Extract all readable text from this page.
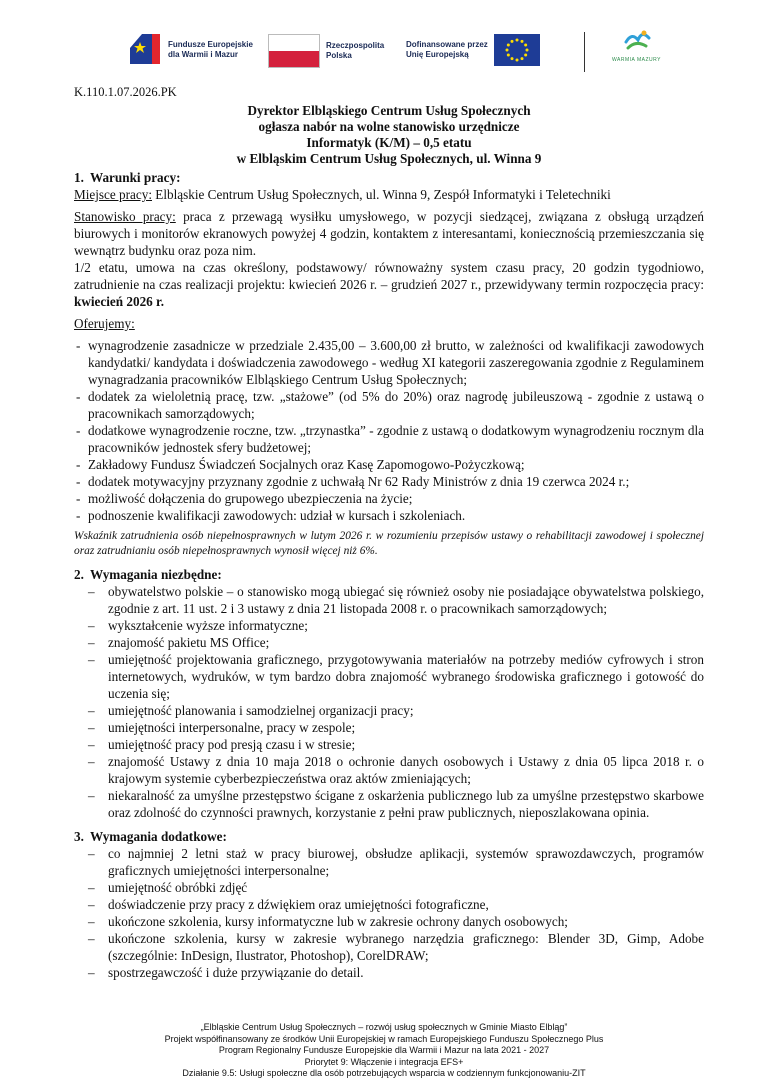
Fundusze Europejskie
dla Warmii i Mazur
Rzeczpospolita
Polska
Dofinansowane przez
Unię Europejską
WARMIA MAZURY
K.110.1.07.2026.PK
Dyrektor Elbląskiego Centrum Usług Społecznych
ogłasza nabór na wolne stanowisko urzędnicze
Informatyk (K/M) – 0,5 etatu
w Elbląskim Centrum Usług Społecznych, ul. Winna 9
1. Warunki pracy:

Miejsce pracy: Elbląskie Centrum Usług Społecznych, ul. Winna 9, Zespół Informatyki i Teletechniki

Stanowisko pracy: praca z przewagą wysiłku umysłowego, w pozycji siedzącej, związana z obsługą urządzeń biurowych i monitorów ekranowych powyżej 4 godzin, kontaktem z interesantami, koniecznością przemieszczania się wewnątrz budynku oraz poza nim.

1/2 etatu, umowa na czas określony, podstawowy/ równoważny system czasu pracy, 20 godzin tygodniowo, zatrudnienie na czas realizacji projektu: kwiecień 2026 r. – grudzień 2027 r., przewidywany termin rozpoczęcia pracy: kwiecień 2026 r.

Oferujemy:

- wynagrodzenie zasadnicze w przedziale 2.435,00 – 3.600,00 zł brutto, w zależności od kwalifikacji zawodowych kandydatki/ kandydata i doświadczenia zawodowego - według XI kategorii zaszeregowania zgodnie z Regulaminem wynagradzania pracowników Elbląskiego Centrum Usług Społecznych;
- dodatek za wieloletnią pracę, tzw. „stażowe” (od 5% do 20%) oraz nagrodę jubileuszową - zgodnie z ustawą o pracownikach samorządowych;
- dodatkowe wynagrodzenie roczne, tzw. „trzynastka” - zgodnie z ustawą o dodatkowym wynagrodzeniu rocznym dla pracowników jednostek sfery budżetowej;
- Zakładowy Fundusz Świadczeń Socjalnych oraz Kasę Zapomogowo-Pożyczkową;
- dodatek motywacyjny przyznany zgodnie z uchwałą Nr 62 Rady Ministrów z dnia 19 czerwca 2024 r.;
- możliwość dołączenia do grupowego ubezpieczenia na życie;
- podnoszenie kwalifikacji zawodowych: udział w kursach i szkoleniach.

Wskaźnik zatrudnienia osób niepełnosprawnych w lutym 2026 r. w rozumieniu przepisów ustawy o rehabilitacji zawodowej i społecznej oraz zatrudnianiu osób niepełnosprawnych wynosił więcej niż 6%.

2. Wymagania niezbędne:
– obywatelstwo polskie – o stanowisko mogą ubiegać się również osoby nie posiadające obywatelstwa polskiego, zgodnie z art. 11 ust. 2 i 3 ustawy z dnia 21 listopada 2008 r. o pracownikach samorządowych;
– wykształcenie wyższe informatyczne;
– znajomość pakietu MS Office;
– umiejętność projektowania graficznego, przygotowywania materiałów na potrzeby mediów cyfrowych i stron internetowych, wydruków, w tym bardzo dobra znajomość wybranego środowiska graficznego i gotowość do uczenia się;
– umiejętność planowania i samodzielnej organizacji pracy;
– umiejętności interpersonalne, pracy w zespole;
– umiejętność pracy pod presją czasu i w stresie;
– znajomość Ustawy z dnia 10 maja 2018 o ochronie danych osobowych i Ustawy z dnia 05 lipca 2018 r. o krajowym systemie cyberbezpieczeństwa oraz aktów zmieniających;
– niekaralność za umyślne przestępstwo ścigane z oskarżenia publicznego lub za umyślne przestępstwo skarbowe oraz zdolność do czynności prawnych, korzystanie z pełni praw publicznych, nieposzlakowana opinia.
3. Wymagania dodatkowe:
– co najmniej 2 letni staż w pracy biurowej, obsłudze aplikacji, systemów sprawozdawczych, programów graficznych umiejętności interpersonalne;
– umiejętność obróbki zdjęć
– doświadczenie przy pracy z dźwiękiem oraz umiejętności fotograficzne,
– ukończone szkolenia, kursy informatyczne lub w zakresie ochrony danych osobowych;
– ukończone szkolenia, kursy w zakresie wybranego narzędzia graficznego: Blender 3D, Gimp, Adobe (szczególnie: InDesign, Ilustrator, Photoshop), CorelDRAW;
– spostrzegawczość i duże przywiązanie do detail.
„Elbląskie Centrum Usług Społecznych – rozwój usług społecznych w Gminie Miasto Elbląg”
Projekt współfinansowany ze środków Unii Europejskiej w ramach Europejskiego Funduszu Społecznego Plus
Program Regionalny Fundusze Europejskie dla Warmii i Mazur na lata 2021 - 2027
Priorytet 9: Włączenie i integracja EFS+
Działanie 9.5: Usługi społeczne dla osób potrzebujących wsparcia w codziennym funkcjonowaniu-ZIT
